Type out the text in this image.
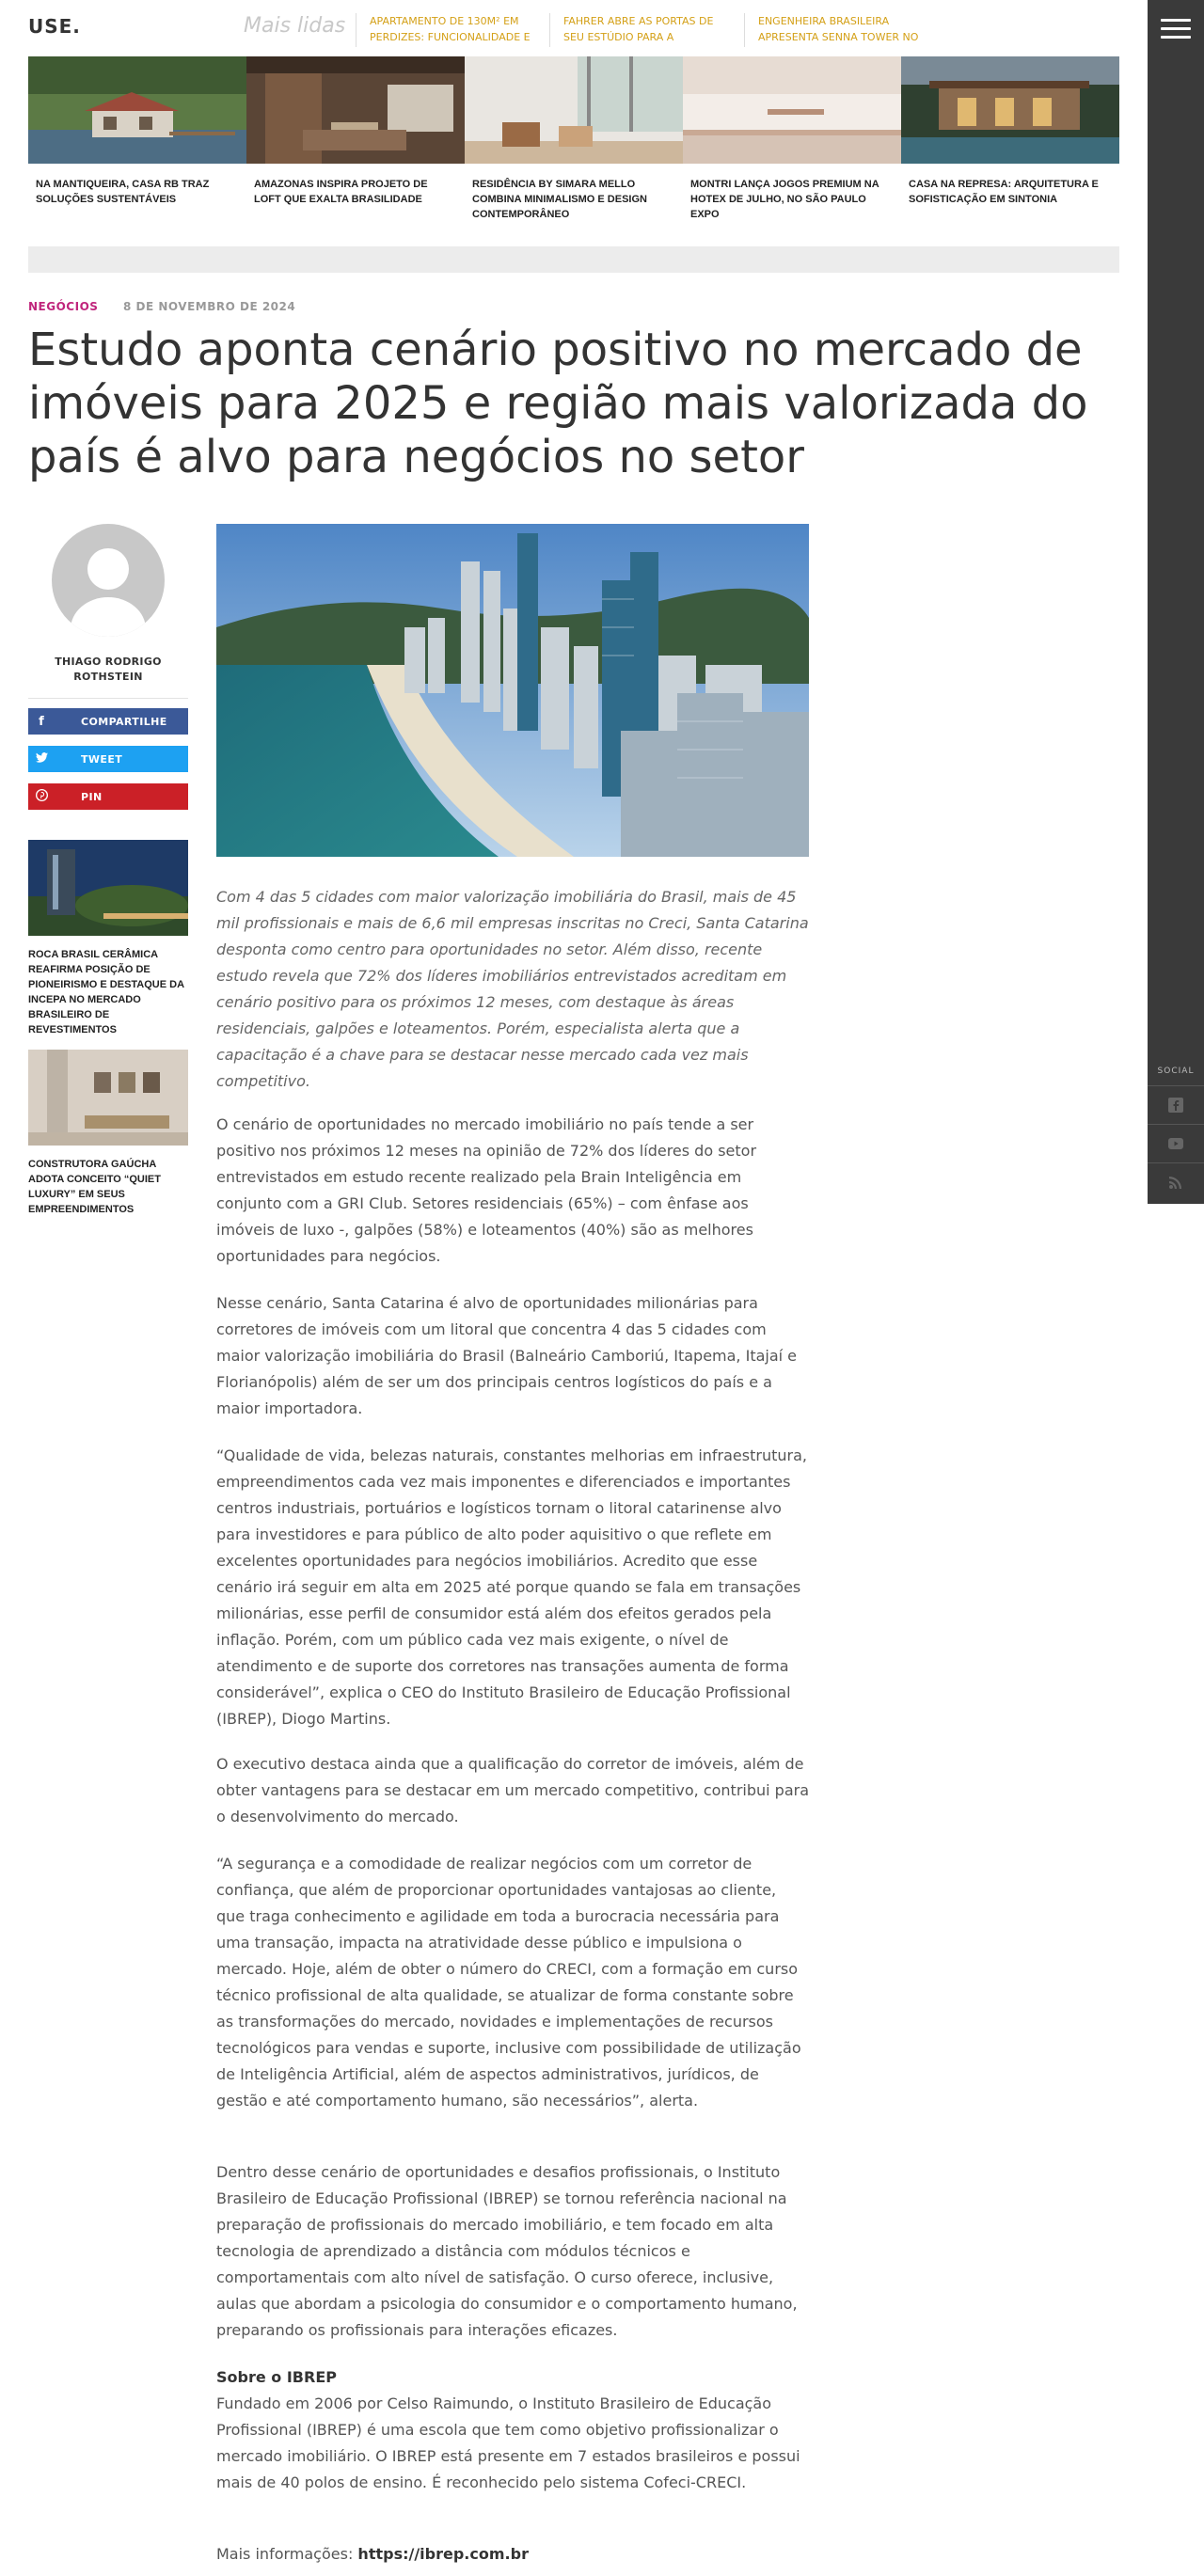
USE.	Mais lidas	APARTAMENTO DE 130M² EM PERDIZES: FUNCIONALIDADE E
FAHRER ABRE AS PORTAS DE SEU ESTÚDIO PARA A
ENGENHEIRA BRASILEIRA APRESENTA SENNA TOWER NO
SOCIAL
NA MANTIQUEIRA, CASA RB TRAZ SOLUÇÕES SUSTENTÁVEIS
AMAZONAS INSPIRA PROJETO DE LOFT QUE EXALTA BRASILIDADE
RESIDÊNCIA BY SIMARA MELLO COMBINA MINIMALISMO E DESIGN CONTEMPORÂNEO
MONTRI LANÇA JOGOS PREMIUM NA HOTEX DE JULHO, NO SÃO PAULO EXPO
CASA NA REPRESA: ARQUITETURA E SOFISTICAÇÃO EM SINTONIA
NEGÓCIOS 8 DE NOVEMBRO DE 2024
Estudo aponta cenário positivo no mercado de imóveis para 2025 e região mais valorizada do país é alvo para negócios no setor
THIAGO RODRIGO ROTHSTEIN
f	COMPARTILHE
TWEET
PIN
ROCA BRASIL CERÂMICA REAFIRMA POSIÇÃO DE PIONEIRISMO E DESTAQUE DA INCEPA NO MERCADO BRASILEIRO DE REVESTIMENTOS
CONSTRUTORA GAÚCHA ADOTA CONCEITO “QUIET LUXURY” EM SEUS EMPREENDIMENTOS
Com 4 das 5 cidades com maior valorização imobiliária do Brasil, mais de 45 mil profissionais e mais de 6,6 mil empresas inscritas no Creci, Santa Catarina desponta como centro para oportunidades no setor. Além disso, recente estudo revela que 72% dos líderes imobiliários entrevistados acreditam em cenário positivo para os próximos 12 meses, com destaque às áreas residenciais, galpões e loteamentos. Porém, especialista alerta que a capacitação é a chave para se destacar nesse mercado cada vez mais competitivo.

O cenário de oportunidades no mercado imobiliário no país tende a ser positivo nos próximos 12 meses na opinião de 72% dos líderes do setor entrevistados em estudo recente realizado pela Brain Inteligência em conjunto com a GRI Club. Setores residenciais (65%) – com ênfase aos imóveis de luxo -, galpões (58%) e loteamentos (40%) são as melhores oportunidades para negócios.

Nesse cenário, Santa Catarina é alvo de oportunidades milionárias para corretores de imóveis com um litoral que concentra 4 das 5 cidades com maior valorização imobiliária do Brasil (Balneário Camboriú, Itapema, Itajaí e Florianópolis) além de ser um dos principais centros logísticos do país e a maior importadora.

“Qualidade de vida, belezas naturais, constantes melhorias em infraestrutura, empreendimentos cada vez mais imponentes e diferenciados e importantes centros industriais, portuários e logísticos tornam o litoral catarinense alvo para investidores e para público de alto poder aquisitivo o que reflete em excelentes oportunidades para negócios imobiliários. Acredito que esse cenário irá seguir em alta em 2025 até porque quando se fala em transações milionárias, esse perfil de consumidor está além dos efeitos gerados pela inflação. Porém, com um público cada vez mais exigente, o nível de atendimento e de suporte dos corretores nas transações aumenta de forma considerável”, explica o CEO do Instituto Brasileiro de Educação Profissional (IBREP), Diogo Martins.

O executivo destaca ainda que a qualificação do corretor de imóveis, além de obter vantagens para se destacar em um mercado competitivo, contribui para o desenvolvimento do mercado.

“A segurança e a comodidade de realizar negócios com um corretor de confiança, que além de proporcionar oportunidades vantajosas ao cliente, que traga conhecimento e agilidade em toda a burocracia necessária para uma transação, impacta na atratividade desse público e impulsiona o mercado. Hoje, além de obter o número do CRECI, com a formação em curso técnico profissional de alta qualidade, se atualizar de forma constante sobre as transformações do mercado, novidades e implementações de recursos tecnológicos para vendas e suporte, inclusive com possibilidade de utilização de Inteligência Artificial, além de aspectos administrativos, jurídicos, de gestão e até comportamento humano, são necessários”, alerta.

Dentro desse cenário de oportunidades e desafios profissionais, o Instituto Brasileiro de Educação Profissional (IBREP) se tornou referência nacional na preparação de profissionais do mercado imobiliário, e tem focado em alta tecnologia de aprendizado a distância com módulos técnicos e comportamentais com alto nível de satisfação. O curso oferece, inclusive, aulas que abordam a psicologia do consumidor e o comportamento humano, preparando os profissionais para interações eficazes.

Sobre o IBREP

Fundado em 2006 por Celso Raimundo, o Instituto Brasileiro de Educação Profissional (IBREP) é uma escola que tem como objetivo profissionalizar o mercado imobiliário. O IBREP está presente em 7 estados brasileiros e possui mais de 40 polos de ensino. É reconhecido pelo sistema Cofeci-CRECI.

Mais informações: https://ibrep.com.br
